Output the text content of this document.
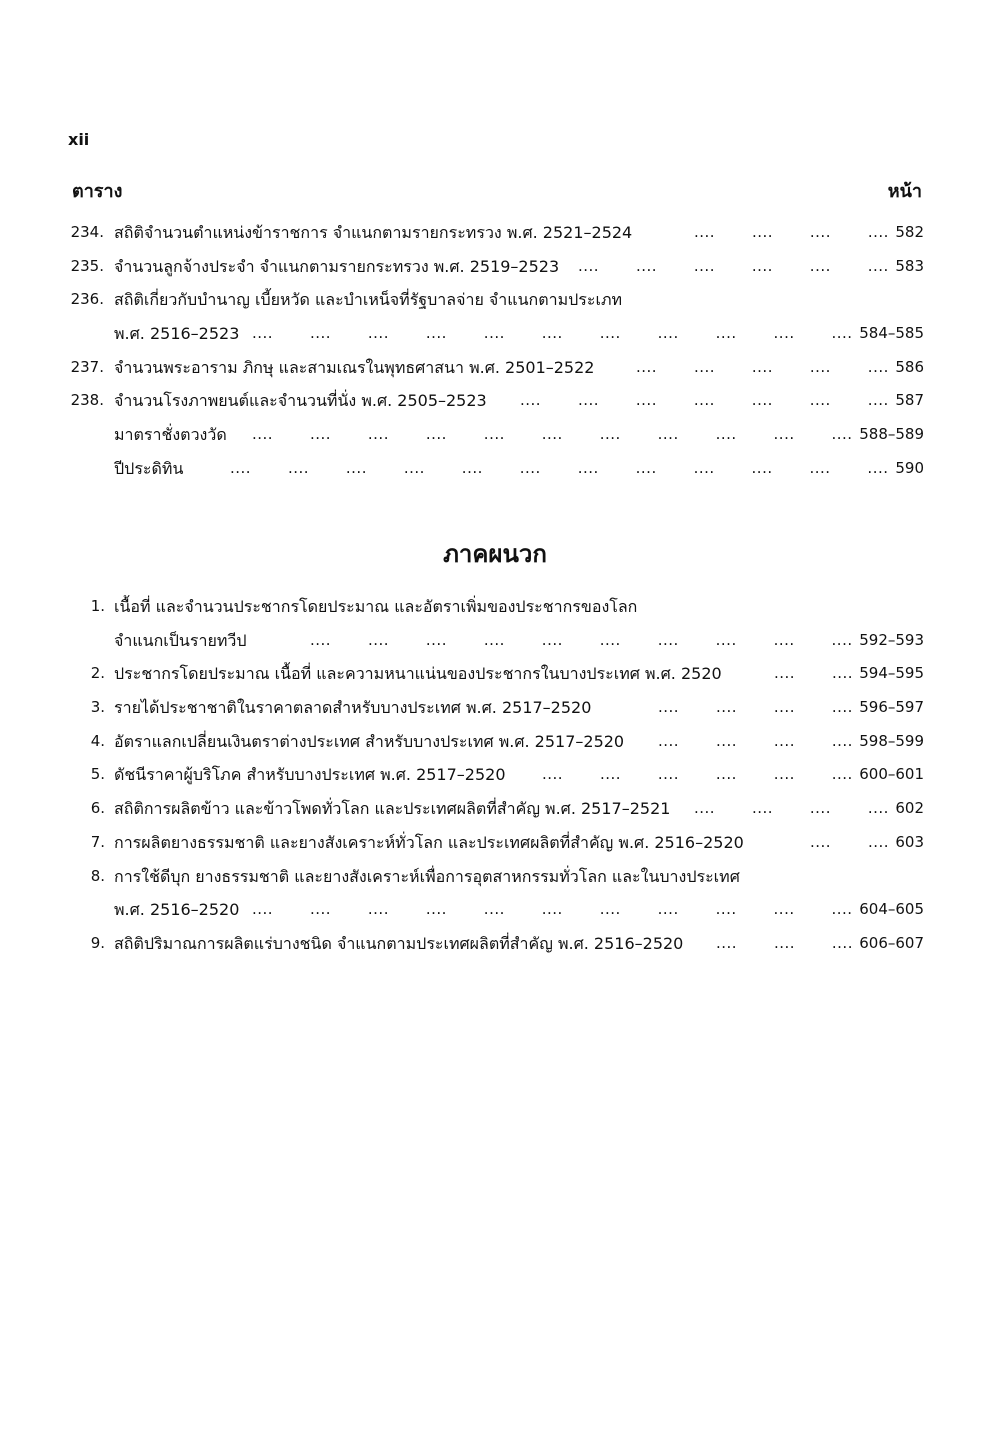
xii
ตาราง	หน้า
234. สถิติจำนวนตำแหน่งข้าราชการ จำแนกตามรายกระทรวง พ.ศ. 2521–2524	....       ....       ....       .... 582
235. จำนวนลูกจ้างประจำ จำแนกตามรายกระทรวง พ.ศ. 2519–2523 ....       ....       ....       ....       ....       .... 583
236. สถิติเกี่ยวกับบำนาญ เบี้ยหวัด และบำเหน็จที่รัฐบาลจ่าย จำแนกตามประเภท
พ.ศ. 2516–2523 ....       ....       ....       ....       ....       ....       ....       ....       ....       ....       .... 584–585
237. จำนวนพระอาราม ภิกษุ และสามเณรในพุทธศาสนา พ.ศ. 2501–2522	....       ....       ....       ....       .... 586
238. จำนวนโรงภาพยนต์และจำนวนที่นั่ง พ.ศ. 2505–2523 ....       ....       ....       ....       ....       ....       .... 587
มาตราชั่งตวงวัด ....       ....       ....       ....       ....       ....       ....       ....       ....       ....       .... 588–589
ปีประดิทิน	....       ....       ....       ....       ....       ....       ....       ....       ....       ....       ....       .... 590
ภาคผนวก
1. เนื้อที่ และจำนวนประชากรโดยประมาณ และอัตราเพิ่มของประชากรของโลก
จำแนกเป็นรายทวีป	....       ....       ....       ....       ....       ....       ....       ....       ....       .... 592–593
2. ประชากรโดยประมาณ เนื้อที่ และความหนาแน่นของประชากรในบางประเทศ พ.ศ. 2520	....       .... 594–595
3. รายได้ประชาชาติในราคาตลาดสำหรับบางประเทศ พ.ศ. 2517–2520	....       ....       ....       .... 596–597
4. อัตราแลกเปลี่ยนเงินตราต่างประเทศ สำหรับบางประเทศ พ.ศ. 2517–2520 ....       ....       ....       .... 598–599
5. ดัชนีราคาผู้บริโภค สำหรับบางประเทศ พ.ศ. 2517–2520 ....       ....       ....       ....       ....       .... 600–601
6. สถิติการผลิตข้าว และข้าวโพดทั่วโลก และประเทศผลิตที่สำคัญ พ.ศ. 2517–2521 ....       ....       ....       .... 602
7. การผลิตยางธรรมชาติ และยางสังเคราะห์ทั่วโลก และประเทศผลิตที่สำคัญ พ.ศ. 2516–2520	....       .... 603
8. การใช้ดีบุก ยางธรรมชาติ และยางสังเคราะห์เพื่อการอุตสาหกรรมทั่วโลก และในบางประเทศ
พ.ศ. 2516–2520 ....       ....       ....       ....       ....       ....       ....       ....       ....       ....       .... 604–605
9. สถิติปริมาณการผลิตแร่บางชนิด จำแนกตามประเทศผลิตที่สำคัญ พ.ศ. 2516–2520 ....       ....       .... 606–607
